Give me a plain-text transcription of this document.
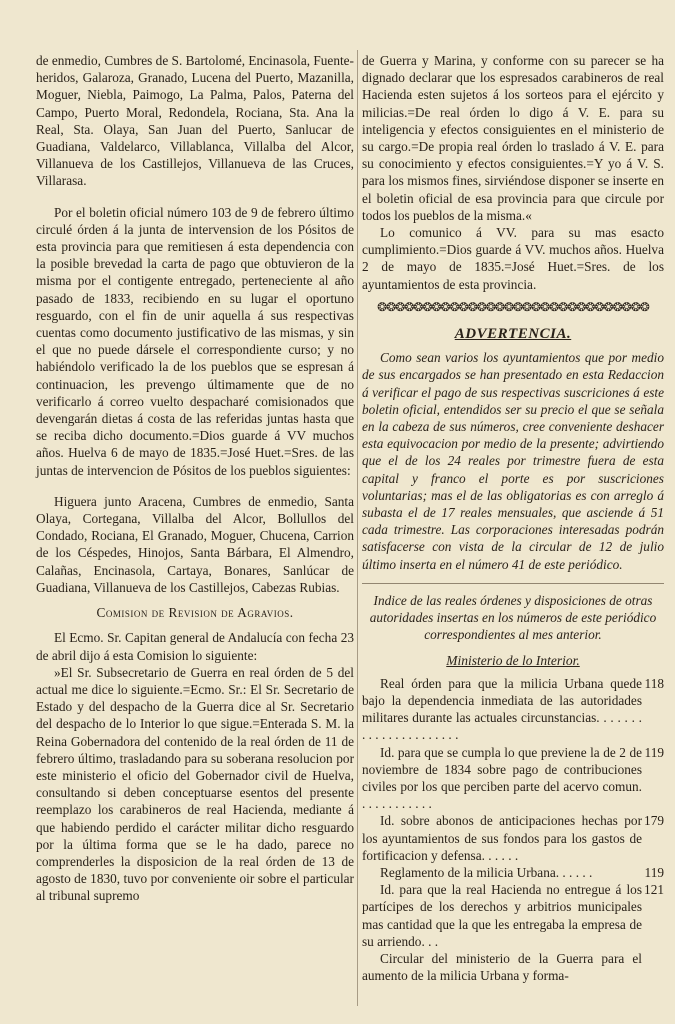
de enmedio, Cumbres de S. Bartolomé, Encinasola, Fuente-heridos, Galaroza, Granado, Lucena del Puerto, Mazanilla, Moguer, Niebla, Paimogo, La Palma, Palos, Paterna del Campo, Puerto Moral, Redondela, Rociana, Sta. Ana la Real, Sta. Olaya, San Juan del Puerto, Sanlucar de Guadiana, Valdelarco, Villablanca, Villalba del Alcor, Villanueva de los Castillejos, Villanueva de las Cruces, Villarasa.

Por el boletin oficial número 103 de 9 de febrero último circulé órden á la junta de intervension de los Pósitos de esta provincia para que remitiesen á esta dependencia con la posible brevedad la carta de pago que obtuvieron de la misma por el contigente entregado, perteneciente al año pasado de 1833, recibiendo en su lugar el oportuno resguardo, con el fin de unir aquella á sus respectivas cuentas como documento justificativo de las mismas, y sin el que no puede dársele el correspondiente curso; y no habiéndolo verificado la de los pueblos que se espresan á continuacion, les prevengo últimamente que de no verificarlo á correo vuelto despacharé comisionados que devengarán dietas á costa de las referidas juntas hasta que se reciba dicho documento.=Dios guarde á VV muchos años. Huelva 6 de mayo de 1835.=José Huet.=Sres. de las juntas de intervencion de Pósitos de los pueblos siguientes:

Higuera junto Aracena, Cumbres de enmedio, Santa Olaya, Cortegana, Villalba del Alcor, Bollullos del Condado, Rociana, El Granado, Moguer, Chucena, Carrion de los Céspedes, Hinojos, Santa Bárbara, El Almendro, Calañas, Encinasola, Cartaya, Bonares, Sanlúcar de Guadiana, Villanueva de los Castillejos, Cabezas Rubias.

Comision de Revision de Agravios.

El Ecmo. Sr. Capitan general de Andalucía con fecha 23 de abril dijo á esta Comision lo siguiente:

»El Sr. Subsecretario de Guerra en real órden de 5 del actual me dice lo siguiente.=Ecmo. Sr.: El Sr. Secretario de Estado y del despacho de la Guerra dice al Sr. Secretario del despacho de lo Interior lo que sigue.=Enterada S. M. la Reina Gobernadora del contenido de la real órden de 11 de febrero último, trasladando para su soberana resolucion por este ministerio el oficio del Gobernador civil de Huelva, consultando si deben conceptuarse esentos del presente reemplazo los carabineros de real Hacienda, mediante á que habiendo perdido el carácter militar dicho resguardo por la última forma que se le ha dado, parece no comprenderles la disposicion de la real órden de 13 de agosto de 1830, tuvo por conveniente oir sobre el particular al tribunal supremo

de Guerra y Marina, y conforme con su parecer se ha dignado declarar que los espresados carabineros de real Hacienda esten sujetos á los sorteos para el ejército y milicias.=De real órden lo digo á V. E. para su inteligencia y efectos consiguientes en el ministerio de su cargo.=De propia real órden lo traslado á V. E. para su conocimiento y efectos consiguientes.=Y yo á V. S. para los mismos fines, sirviéndose disponer se inserte en el boletin oficial de esa provincia para que circule por todos los pueblos de la misma.«

Lo comunico á VV. para su mas esacto cumplimiento.=Dios guarde á VV. muchos años. Huelva 2 de mayo de 1835.=José Huet.=Sres. de los ayuntamientos de esta provincia.

❂❂❂❂❂❂❂❂❂❂❂❂❂❂❂❂❂❂❂❂❂❂❂❂❂❂❂❂❂❂
ADVERTENCIA.

Como sean varios los ayuntamientos que por medio de sus encargados se han presentado en esta Redaccion á verificar el pago de sus respectivas suscriciones á este boletin oficial, entendidos ser su precio el que se señala en la cabeza de sus números, cree conveniente deshacer esta equivocacion por medio de la presente; advirtiendo que el de los 24 reales por trimestre fuera de esta capital y franco el porte es por suscriciones voluntarias; mas el de las obligatorias es con arreglo á subasta el de 17 reales mensuales, que asciende á 51 cada trimestre. Las corporaciones interesadas podrán satisfacerse con vista de la circular de 12 de julio último inserta en el número 41 de este periódico.

Indice de las reales órdenes y disposiciones de otras autoridades insertas en los números de este periódico correspondientes al mes anterior.

Ministerio de lo Interior.
Real órden para que la milicia Urbana quede bajo la dependencia inmediata de las autoridades militares durante las actuales circunstancias. . . . . . . . . . . . . . . . . . . . . .
118
Id. para que se cumpla lo que previene la de 2 de noviembre de 1834 sobre pago de contribuciones civiles por los que perciben parte del acervo comun. . . . . . . . . . . .
119
Id. sobre abonos de anticipaciones hechas por los ayuntamientos de sus fondos para los gastos de fortificacion y defensa. . . . . .
179
Reglamento de la milicia Urbana. . . . . .	119
Id. para que la real Hacienda no entregue á los partícipes de los derechos y arbitrios municipales mas cantidad que la que les entregaba la empresa de su arriendo. . .
121
Circular del ministerio de la Guerra para el aumento de la milicia Urbana y forma-
